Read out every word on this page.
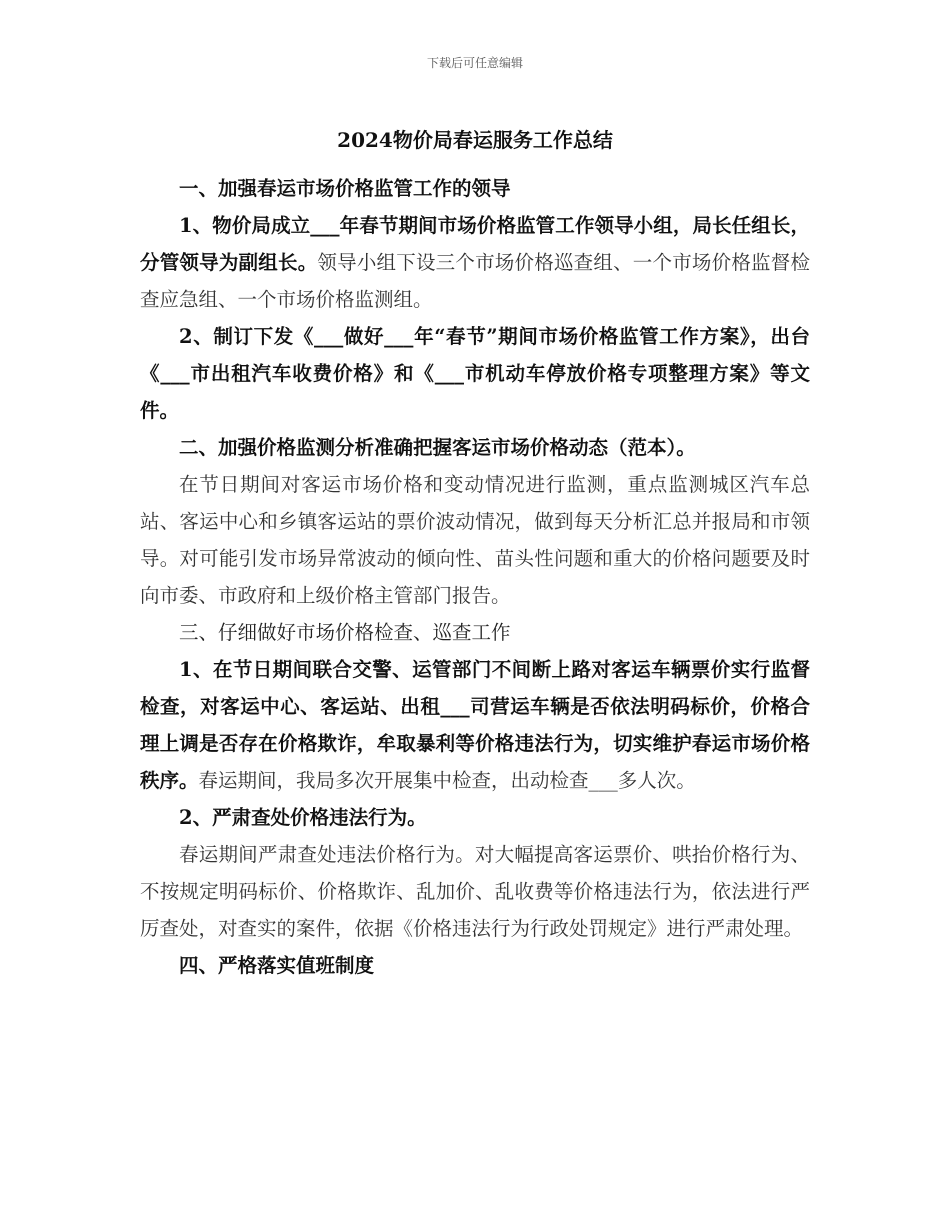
下载后可任意编辑
2024物价局春运服务工作总结

一、加强春运市场价格监管工作的领导

1、物价局成立___年春节期间市场价格监管工作领导小组，局长任组长，分管领导为副组长。领导小组下设三个市场价格巡查组、一个市场价格监督检查应急组、一个市场价格监测组。

2、制订下发《___做好___年“春节”期间市场价格监管工作方案》，出台《___市出租汽车收费价格》和《___市机动车停放价格专项整理方案》等文件。

二、加强价格监测分析准确把握客运市场价格动态（范本）。

在节日期间对客运市场价格和变动情况进行监测，重点监测城区汽车总站、客运中心和乡镇客运站的票价波动情况，做到每天分析汇总并报局和市领导。对可能引发市场异常波动的倾向性、苗头性问题和重大的价格问题要及时向市委、市政府和上级价格主管部门报告。

三、仔细做好市场价格检查、巡查工作

1、在节日期间联合交警、运管部门不间断上路对客运车辆票价实行监督检查，对客运中心、客运站、出租___司营运车辆是否依法明码标价，价格合理上调是否存在价格欺诈，牟取暴利等价格违法行为，切实维护春运市场价格秩序。春运期间，我局多次开展集中检查，出动检查___多人次。

2、严肃查处价格违法行为。

春运期间严肃查处违法价格行为。对大幅提高客运票价、哄抬价格行为、不按规定明码标价、价格欺诈、乱加价、乱收费等价格违法行为，依法进行严厉查处，对查实的案件，依据《价格违法行为行政处罚规定》进行严肃处理。

四、严格落实值班制度
